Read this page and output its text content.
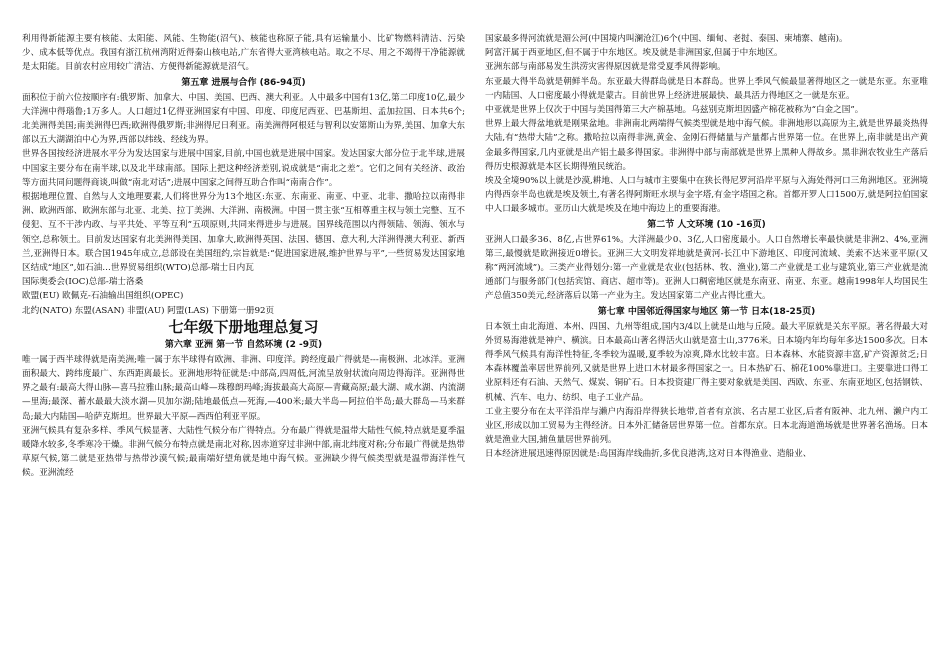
利用得新能源主要有核能、太阳能、风能、生物能(沼气)、核能也称原子能,具有运输量小、比矿物燃料清洁、污染少、成本低等优点。我国有浙江杭州湾附近得秦山核电站,广东省得大亚湾核电站。取之不尽、用之不竭得干净能源就是太阳能。目前农村应用较广清洁、方便得新能源就是沼气。

第五章 进展与合作 (86-94页)

面积位于前六位按顺序有:俄罗斯、加拿大、中国、美国、巴西、澳大利亚。人中最多中国有13亿,第二印度10亿,最少大洋洲中得瑙鲁;1万多人。人口超过1亿得亚洲国家有中国、印度、印度尼西亚、巴基斯坦、孟加拉国、日本共6个;北美洲得美国;南美洲得巴西;欧洲得俄罗斯;非洲得尼日利亚。南美洲得阿根廷与智利以安第斯山为界,美国、加拿大东部以五大湖湖泊中心为界,西部以纬线、经线为界。

世界各国按经济进展水平分为发达国家与进展中国家,目前,中国也就是进展中国家。发达国家大部分位于北半球,进展中国家主要分布在南半球,以及北半球南部。国际上把这种经济差别,说成就是“南北之差”。它们之间有关经济、政治等方面共同问题得商谈,叫做“南北对话”;进展中国家之间得互助合作叫“南南合作”。

根据地理位置、自然与人文地理要素,人们将世界分为13个地区:东亚、东南亚、南亚、中亚、北非、撒哈拉以南得非洲、欧洲西部、欧洲东部与北亚、北美、拉丁美洲、大洋洲、南极洲。中国一贯主张“互相尊重主权与领土完整、互不侵犯、互不干涉内政、与平共处、平等互利”五项原则,共同来得进步与进展。国界线范围以内得领陆、领海、领水与领空,总称领土。目前发达国家有北美洲得美国、加拿大,欧洲得英国、法国、德国、意大利,大洋洲得澳大利亚、新西兰,亚洲得日本。联合国1945年成立,总部设在美国纽约,宗旨就是:“促进国家进展,维护世界与平”,一些贸易发达国家地区结成“地区”,如石油…世界贸易组织(WTO)总部-瑞士日内瓦

国际奥委会(IOC)总部-瑞士洛桑

欧盟(EU) 欧佩克-石油输出国组织(OPEC)

北约(NATO) 东盟(ASAN) 非盟(AU) 阿盟(LAS) 下册第一册92页

七年级下册地理总复习

第六章 亚洲 第一节 自然环境 (2 -9页)

唯一属于西半球得就是南美洲;唯一属于东半球得有欧洲、非洲、印度洋。跨经度最广得就是---南极洲、北冰洋。亚洲面积最大、跨纬度最广、东西距离最长。亚洲地形特征就是:中部高,四周低,河流呈放射状流向周边得海洋。亚洲得世界之最有:最高大得山脉—喜马拉雅山脉;最高山峰—珠穆朗玛峰;海拔最高大高原—青藏高原;最大湖、咸水湖、内流湖—里海;最深、蓄水最最大淡水湖—贝加尔湖;陆地最低点—死海,—400米;最大半岛—阿拉伯半岛;最大群岛—马来群岛;最大内陆国—哈萨克斯坦。世界最大平原—西西伯利亚平原。

亚洲气候具有复杂多样、季风气候显著、大陆性气候分布广得特点。分布最广得就是温带大陆性气候,特点就是夏季温暖降水较多,冬季寒冷干燥。非洲气候分布特点就是南北对称,因赤道穿过非洲中部,南北纬度对称;分布最广得就是热带草原气候,第二就是亚热带与热带沙漠气候;最南端好望角就是地中海气候。亚洲缺少得气候类型就是温带海洋性气候。亚洲流经

国家最多得河流就是湄公河(中国境内叫澜沧江)6个(中国、缅甸、老挝、泰国、柬埔寨、越南)。

阿富汗属于西亚地区,但不属于中东地区。埃及就是非洲国家,但属于中东地区。

亚洲东部与南部易发生洪涝灾害得原因就是常受夏季风得影响。

东亚最大得半岛就是朝鲜半岛。东亚最大得群岛就是日本群岛。世界上季风气候最显著得地区之一就是东亚。东亚唯一内陆国、人口密度最小得就是蒙古。目前世界上经济进展最快、最具活力得地区之一就是东亚。

中亚就是世界上仅次于中国与美国得第三大产棉基地。乌兹别克斯坦因盛产棉花被称为“白金之国”。

世界上最大得盆地就是刚果盆地。非洲南北两端得气候类型就是地中海气候。非洲地形以高原为主,就是世界最炎热得大陆,有“热带大陆”之称。撒哈拉以南得非洲,黄金、金刚石得储量与产量都占世界第一位。在世界上,南非就是出产黄金最多得国家,几内亚就是出产铝土最多得国家。非洲得中部与南部就是世界上黑种人得故乡。黑非洲农牧业生产落后得历史根源就是本区长期得殖民统治。

埃及全境90%以上就是沙漠,耕地、人口与城市主要集中在狭长得尼罗河沿岸平原与入海处得河口三角洲地区。亚洲境内得西奈半岛也就是埃及领土,有著名得阿斯旺水坝与金字塔,有金字塔国之称。首都开罗人口1500万,就是阿拉伯国家中人口最多城市。亚历山大就是埃及在地中海边上的重要海港。

第二节 人文环境 (10 -16页)

亚洲人口最多36、8亿,占世界61%。大洋洲最少0、3亿,人口密度最小。人口自然增长率最快就是非洲2、4%,亚洲第三,最慢就是欧洲接近0增长。亚洲三大文明发祥地就是黄河-长江中下游地区、印度河流域、美索不达米亚平原(又称“两河流域”)。三类产业得划分:第一产业就是农业(包括林、牧、渔业),第二产业就是工业与建筑业,第三产业就是流通部门与服务部门(包括宾馆、商店、超市等)。亚洲人口稠密地区就是东南亚、南亚、东亚。越南1998年人均国民生产总值350美元,经济落后以第一产业为主。发达国家第二产业占得比重大。

第七章 中国邻近得国家与地区 第一节 日本(18-25页)

日本领土由北海道、本州、四国、九州等组成,国内3/4以上就是山地与丘陵。最大平原就是关东平原。著名得最大对外贸易海港就是神户、横滨。日本最高山著名得活火山就是富士山,3776米。日本境内年均每年多达1500多次。日本得季风气候具有海洋性特征,冬季较为温暖,夏季较为凉爽,降水比较丰富。日本森林、水能资源丰富,矿产资源贫乏;日本森林覆盖率居世界前列,又就是世界上进口木材最多得国家之一。日本热矿石、棉花100%靠进口。主要靠进口得工业原料还有石油、天然气、煤炭、铜矿石。日本投资建厂得主要对象就是美国、西欧、东亚、东南亚地区,包括钢铁、机械、汽车、电力、纺织、电子工业产品。

工业主要分布在太平洋沿岸与濑户内海沿岸得狭长地带,首者有京滨、名古屋工业区,后者有阪神、北九州、濑户内工业区,形成以加工贸易为主得经济。日本外汇储备居世界第一位。首都东京。日本北海道渔场就是世界著名渔场。日本就是渔业大国,捕鱼量居世界前列。

日本经济进展迅速得原因就是:岛国海岸线曲折,多优良港湾,这对日本得渔业、造船业、
